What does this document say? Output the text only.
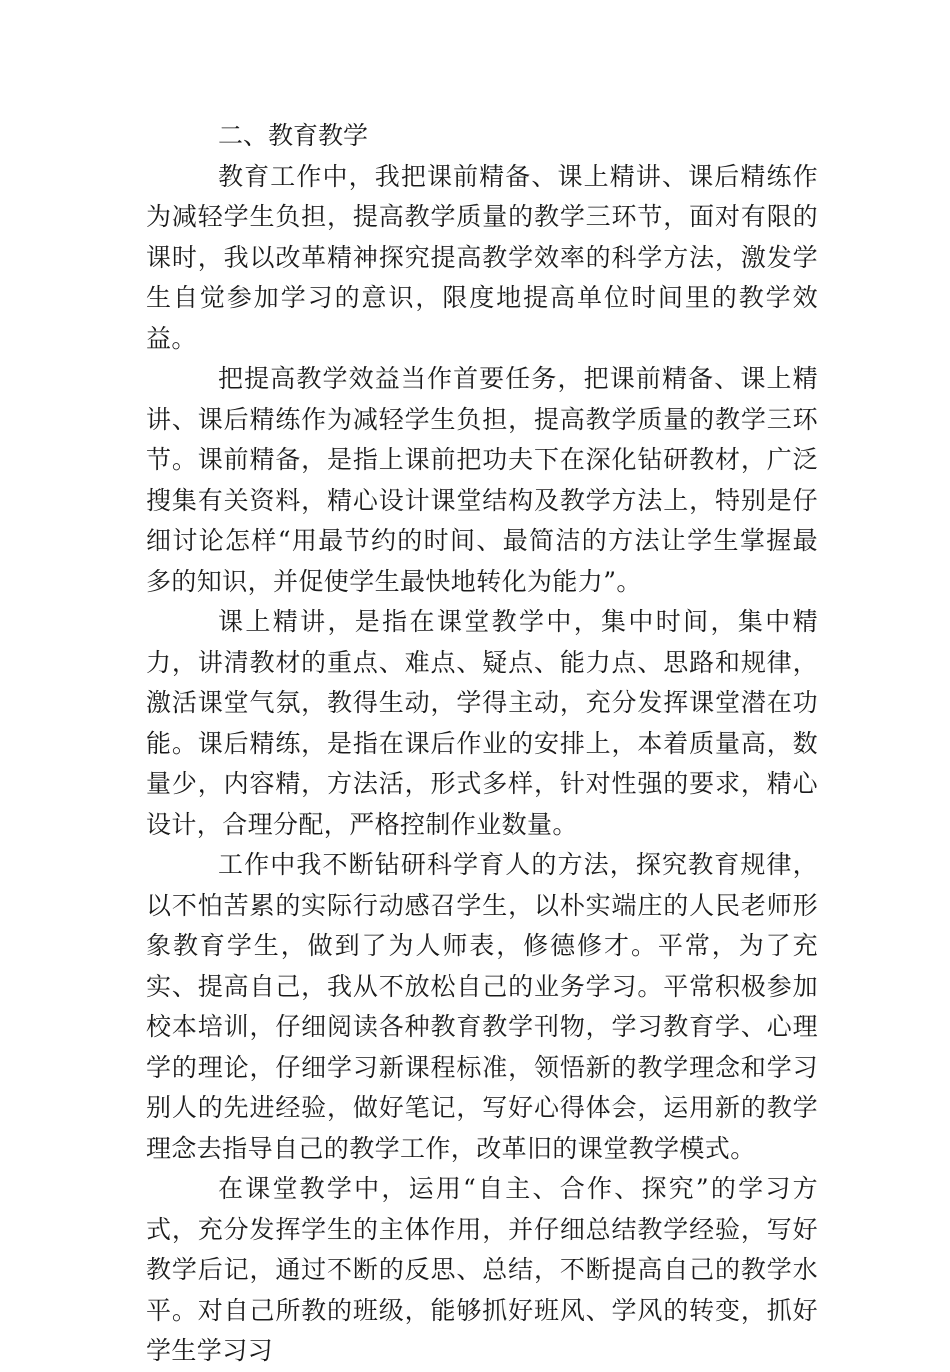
二、教育教学

教育工作中，我把课前精备、课上精讲、课后精练作为减轻学生负担，提高教学质量的教学三环节，面对有限的课时，我以改革精神探究提高教学效率的科学方法，激发学生自觉参加学习的意识，限度地提高单位时间里的教学效益。

把提高教学效益当作首要任务，把课前精备、课上精讲、课后精练作为减轻学生负担，提高教学质量的教学三环节。课前精备，是指上课前把功夫下在深化钻研教材，广泛搜集有关资料，精心设计课堂结构及教学方法上，特别是仔细讨论怎样“用最节约的时间、最简洁的方法让学生掌握最多的知识，并促使学生最快地转化为能力”。

课上精讲，是指在课堂教学中，集中时间，集中精力，讲清教材的重点、难点、疑点、能力点、思路和规律，激活课堂气氛，教得生动，学得主动，充分发挥课堂潜在功能。课后精练，是指在课后作业的安排上，本着质量高，数量少，内容精，方法活，形式多样，针对性强的要求，精心设计，合理分配，严格控制作业数量。

工作中我不断钻研科学育人的方法，探究教育规律，以不怕苦累的实际行动感召学生，以朴实端庄的人民老师形象教育学生，做到了为人师表，修德修才。平常，为了充实、提高自己，我从不放松自己的业务学习。平常积极参加校本培训，仔细阅读各种教育教学刊物，学习教育学、心理学的理论，仔细学习新课程标准，领悟新的教学理念和学习别人的先进经验，做好笔记，写好心得体会，运用新的教学理念去指导自己的教学工作，改革旧的课堂教学模式。

在课堂教学中，运用“自主、合作、探究”的学习方式，充分发挥学生的主体作用，并仔细总结教学经验，写好教学后记，通过不断的反思、总结，不断提高自己的教学水平。对自己所教的班级，能够抓好班风、学风的转变，抓好学生学习习
